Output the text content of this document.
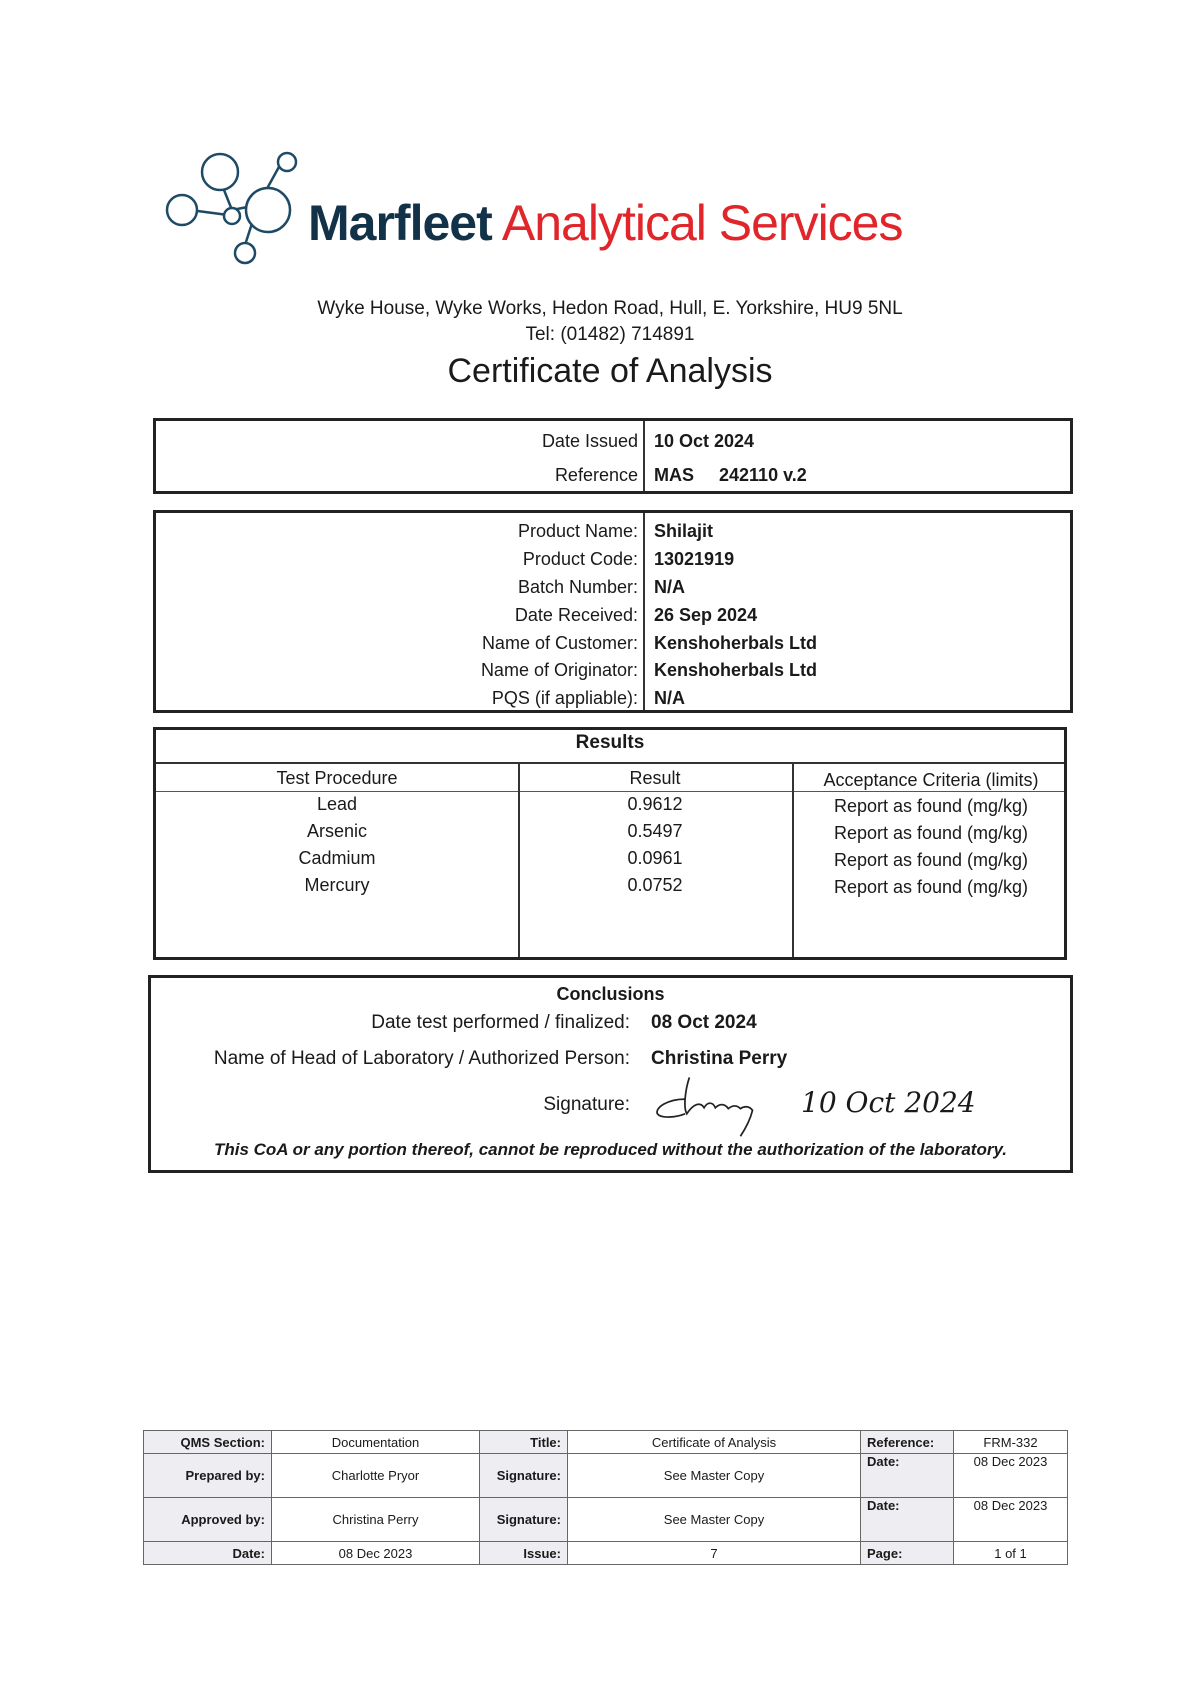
Marfleet Analytical Services
Wyke House, Wyke Works, Hedon Road, Hull, E. Yorkshire, HU9 5NL
Tel: (01482) 714891
Certificate of Analysis
Date Issued 10 Oct 2024
Reference MAS     242110 v.2
Product Name: Shilajit
Product Code: 13021919
Batch Number: N/A
Date Received: 26 Sep 2024
Name of Customer: Kenshoherbals Ltd
Name of Originator: Kenshoherbals Ltd
PQS (if appliable): N/A
Results
Test Procedure	Result	Acceptance Criteria (limits)
Lead	0.9612	Report as found (mg/kg)
Arsenic	0.5497	Report as found (mg/kg)
Cadmium	0.0961	Report as found (mg/kg)
Mercury	0.0752	Report as found (mg/kg)
Conclusions
Date test performed / finalized: 08 Oct 2024
Name of Head of Laboratory / Authorized Person: Christina Perry
Signature:	10 Oct 2024
This CoA or any portion thereof, cannot be reproduced without the authorization of the laboratory.
QMS Section:	Documentation	Title:	Certificate of Analysis	Reference:	FRM-332
Prepared by:	Charlotte Pryor	Signature:	See Master Copy	Date:	08 Dec 2023
Approved by:	Christina Perry	Signature:	See Master Copy	Date:	08 Dec 2023
Date:	08 Dec 2023	Issue:	7	Page:	1 of 1
